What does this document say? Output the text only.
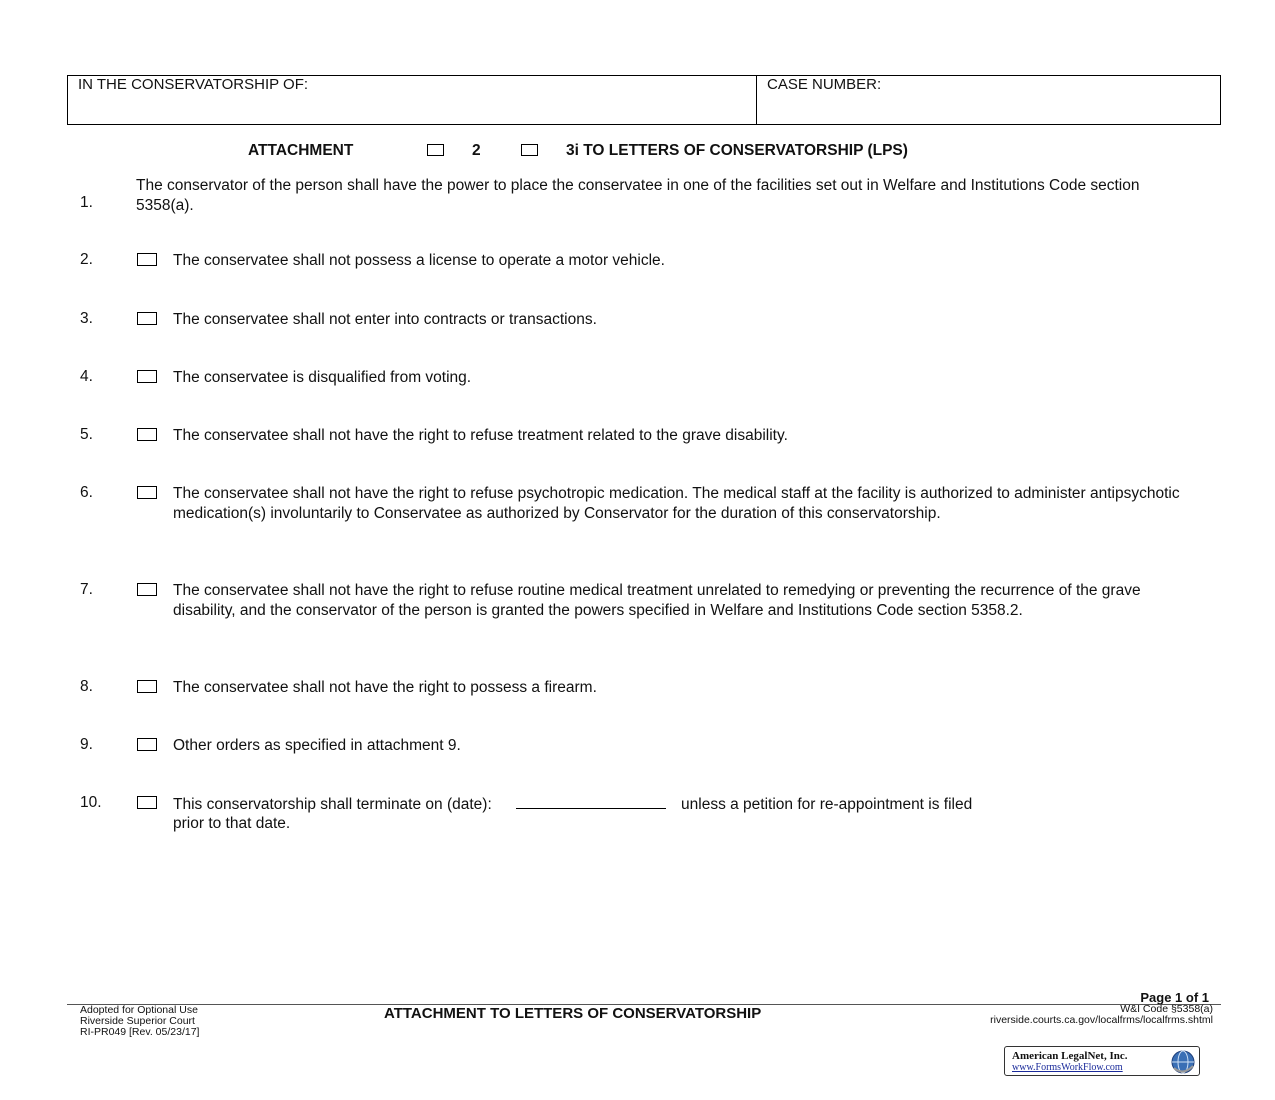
IN THE CONSERVATORSHIP OF:	CASE NUMBER:
ATTACHMENT	2	3i TO LETTERS OF CONSERVATORSHIP (LPS)
1.
The conservator of the person shall have the power to place the conservatee in one of the facilities set out in Welfare and Institutions Code section 5358(a).
2.	The conservatee shall not possess a license to operate a motor vehicle.
3.	The conservatee shall not enter into contracts or transactions.
4.	The conservatee is disqualified from voting.
5.	The conservatee shall not have the right to refuse treatment related to the grave disability.
6.	The conservatee shall not have the right to refuse psychotropic medication. The medical staff at the facility is authorized to administer antipsychotic medication(s) involuntarily to Conservatee as authorized by Conservator for the duration of this conservatorship.
7.	The conservatee shall not have the right to refuse routine medical treatment unrelated to remedying or preventing the recurrence of the grave disability, and the conservator of the person is granted the powers specified in Welfare and Institutions Code section 5358.2.
8.	The conservatee shall not have the right to possess a firearm.
9.	Other orders as specified in attachment 9.
10.	This conservatorship shall terminate on (date):	unless a petition for re-appointment is filed
prior to that date.
Page 1 of 1
Adopted for Optional Use
Riverside Superior Court
RI-PR049 [Rev. 05/23/17]
ATTACHMENT TO LETTERS OF CONSERVATORSHIP	W&I Code §5358(a)
riverside.courts.ca.gov/localfrms/localfrms.shtml
American LegalNet, Inc.
www.FormsWorkFlow.com
